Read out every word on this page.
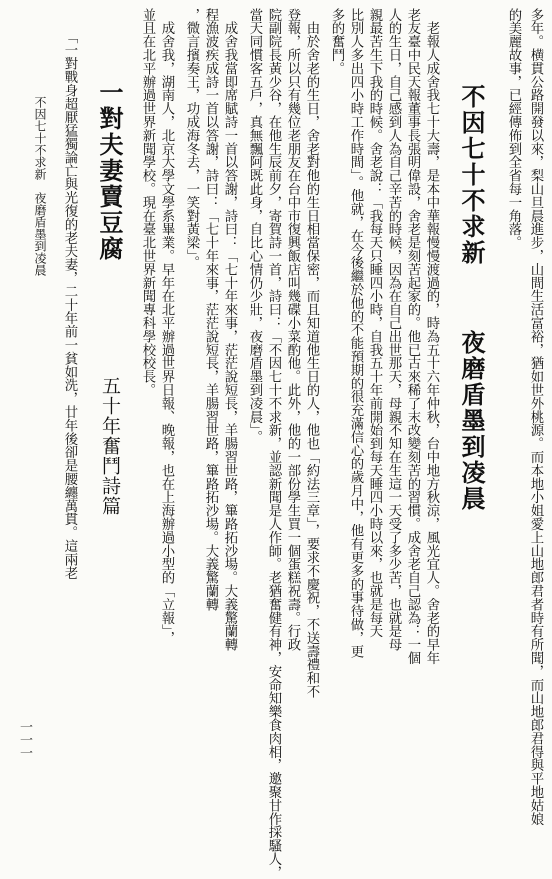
多年。横貫公路開發以來，梨山旦晨進步，山間生活富裕，猶如世外桃源。而本地小姐愛上山地郎君者時有所聞，而山地郎君得與平地姑娘
的美麗故事，已經傳佈到全省每一角落。
不因七十不求新
夜磨盾墨到凌晨
　老報人成舍我七十大壽，是本中華報慢慢渡過的，時為五十六年仲秋，台中地方秋涼，風光宜人。舍老的早年
老友臺中民天報董事長張明偉設，舍老是刻苦起家的。他已古來稀了末改變刻苦的習慣。成舍老自己認為：一個
人的生日，自己感到人為自己辛苦的時候，因為在自己出世那天，母親不知在生這一天受了多少苦，也就是母
親最苦生下我的時候。舍老說：「我每天只睡四小時，自我五十年前開始到每天睡四小時以來，也就是每天
比別人多出四小時工作時間」。他就，在今後繼於他的不能預期的很充滿信心的歲月中，他有更多的事待做，更
多的奮鬥。
　由於舍老的生日，舍老對他的生日相當保密，而且知道他生日的人，他也「約法三章」，要求不慶祝，不送壽禮和不
登報，所以只有幾位老朋友在台中市復興飯店叫幾碟小菜酌他。此外，他的一部份學生買一個蛋糕祝壽。行政
院副院長黃少谷，在他生辰前夕，寄賀詩一首，詩曰：「不因七十不求新，並認新聞是人作師。老猶奮健有神，安命知樂食肉相，邀聚甘作採騷人，
當天同慣客五戶，真無飄阿既此身，自比心情仍少壯，夜磨盾墨到凌晨」。
　成舍我當即席賦詩一首以答謝，詩曰：「七十年來事，茫茫說短長，羊腸習世路，篳路拓沙場。大義驚蘭轉
程漁波疾成詩一首以答謝，詩曰：「七十年來事，茫茫說短長，羊腸習世路，篳路拓沙場。大義驚蘭轉
，微言擯奏王，功成海冬去，一笑對黃梁」。
　成舍我，湖南人，北京大學文學系畢業。早年在北平辦過世界日報、晚報，也在上海辦過小型的「立報」，
並且在北平辦過世界新聞學校。現在臺北世界新聞專科學校校長。
一對夫妻賣豆腐
五十年奮鬥詩篇
「一對戰身超厭猛獨論亡與光復的老夫妻，二十年前一貧如洗，廿年後卻是腰纏萬貫。這兩老
不因七十不求新　夜磨盾墨到凌晨
一一一
